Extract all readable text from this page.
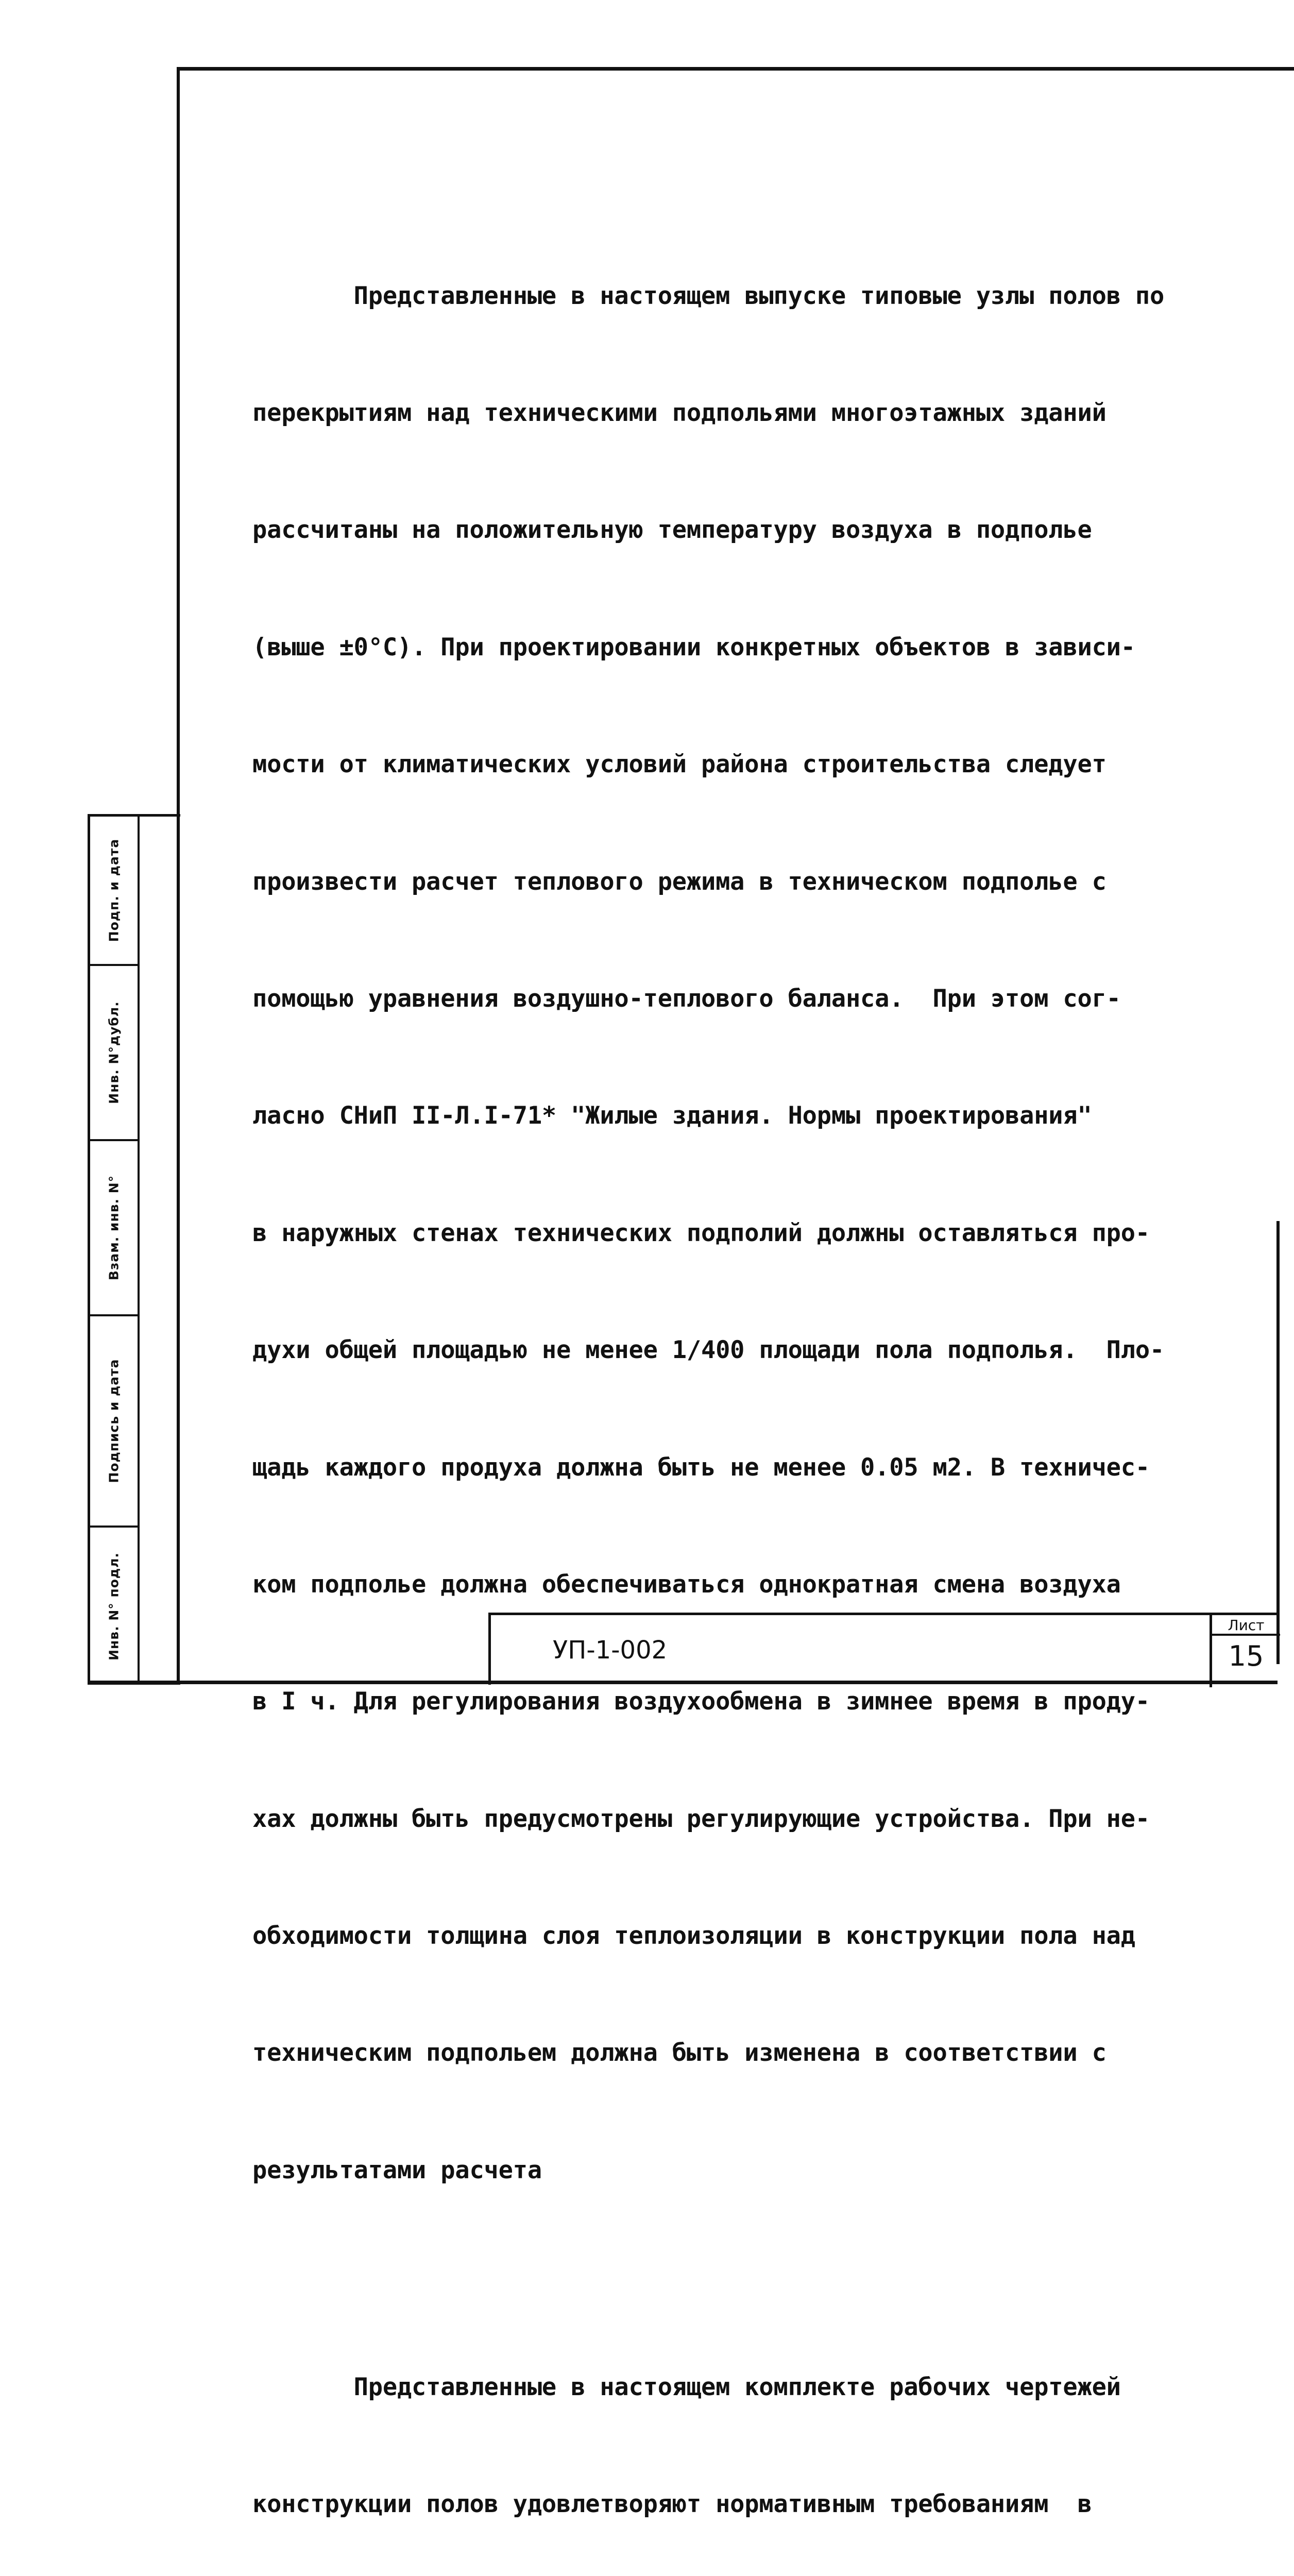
Представленные в настоящем выпуске типовые узлы полов по

перекрытиям над техническими подпольями многоэтажных зданий

рассчитаны на положительную температуру воздуха в подполье

(выше ±0°C). При проектировании конкретных объектов в зависи-

мости от климатических условий района строительства следует

произвести расчет теплового режима в техническом подполье с

помощью уравнения воздушно-теплового баланса.  При этом сог-

ласно СНиП II-Л.I-71* "Жилые здания. Нормы проектирования"

в наружных стенах технических подполий должны оставляться про-

духи общей площадью не менее 1/400 площади пола подполья.  Пло-

щадь каждого продуха должна быть не менее 0.05 м2. В техничес-

ком подполье должна обеспечиваться однократная смена воздуха

в I ч. Для регулирования воздухообмена в зимнее время в проду-

хах должны быть предусмотрены регулирующие устройства. При не-

обходимости толщина слоя теплоизоляции в конструкции пола над

техническим подпольем должна быть изменена в соответствии с

результатами расчета

Представленные в настоящем комплекте рабочих чертежей

конструкции полов удовлетворяют нормативным требованиям  в

Подп. и дата
Инв. N°дубл.
Взам. инв. N°
Подпись и дата
Инв. N° подл.	УП-1-002
Лист
15
